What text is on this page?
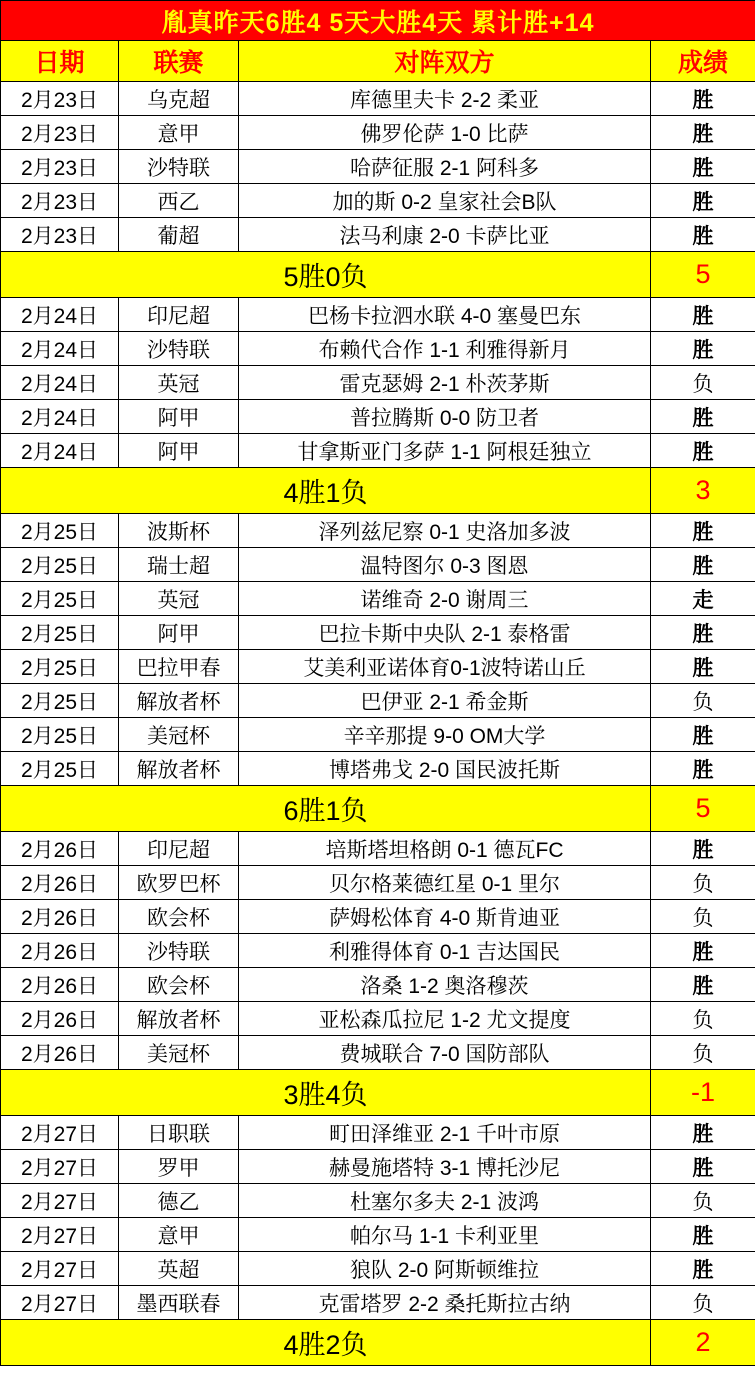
胤真昨天6胜4 5天大胜4天 累计胜+14			
日期	联赛	对阵双方	成绩
2月23日	乌克超	库德里夫卡 2-2 柔亚	胜
2月23日	意甲	佛罗伦萨 1-0 比萨	胜
2月23日	沙特联	哈萨征服 2-1 阿科多	胜
2月23日	西乙	加的斯 0-2 皇家社会B队	胜
2月23日	葡超	法马利康 2-0 卡萨比亚	胜
5胜0负			5
2月24日	印尼超	巴杨卡拉泗水联 4-0 塞曼巴东	胜
2月24日	沙特联	布赖代合作 1-1 利雅得新月	胜
2月24日	英冠	雷克瑟姆 2-1 朴茨茅斯	负
2月24日	阿甲	普拉腾斯 0-0 防卫者	胜
2月24日	阿甲	甘拿斯亚门多萨 1-1 阿根廷独立	胜
4胜1负			3
2月25日	波斯杯	泽列兹尼察 0-1 史洛加多波	胜
2月25日	瑞士超	温特图尔 0-3 图恩	胜
2月25日	英冠	诺维奇 2-0 谢周三	走
2月25日	阿甲	巴拉卡斯中央队 2-1 泰格雷	胜
2月25日	巴拉甲春	艾美利亚诺体育0-1波特诺山丘	胜
2月25日	解放者杯	巴伊亚 2-1 希金斯	负
2月25日	美冠杯	辛辛那提 9-0 OM大学	胜
2月25日	解放者杯	博塔弗戈 2-0 国民波托斯	胜
6胜1负			5
2月26日	印尼超	培斯塔坦格朗 0-1 德瓦FC	胜
2月26日	欧罗巴杯	贝尔格莱德红星 0-1 里尔	负
2月26日	欧会杯	萨姆松体育 4-0 斯肯迪亚	负
2月26日	沙特联	利雅得体育 0-1 吉达国民	胜
2月26日	欧会杯	洛桑 1-2 奥洛穆茨	胜
2月26日	解放者杯	亚松森瓜拉尼 1-2 尤文提度	负
2月26日	美冠杯	费城联合 7-0 国防部队	负
3胜4负			-1
2月27日	日职联	町田泽维亚 2-1 千叶市原	胜
2月27日	罗甲	赫曼施塔特 3-1 博托沙尼	胜
2月27日	德乙	杜塞尔多夫 2-1 波鸿	负
2月27日	意甲	帕尔马 1-1 卡利亚里	胜
2月27日	英超	狼队 2-0 阿斯顿维拉	胜
2月27日	墨西联春	克雷塔罗 2-2 桑托斯拉古纳	负
4胜2负			2
